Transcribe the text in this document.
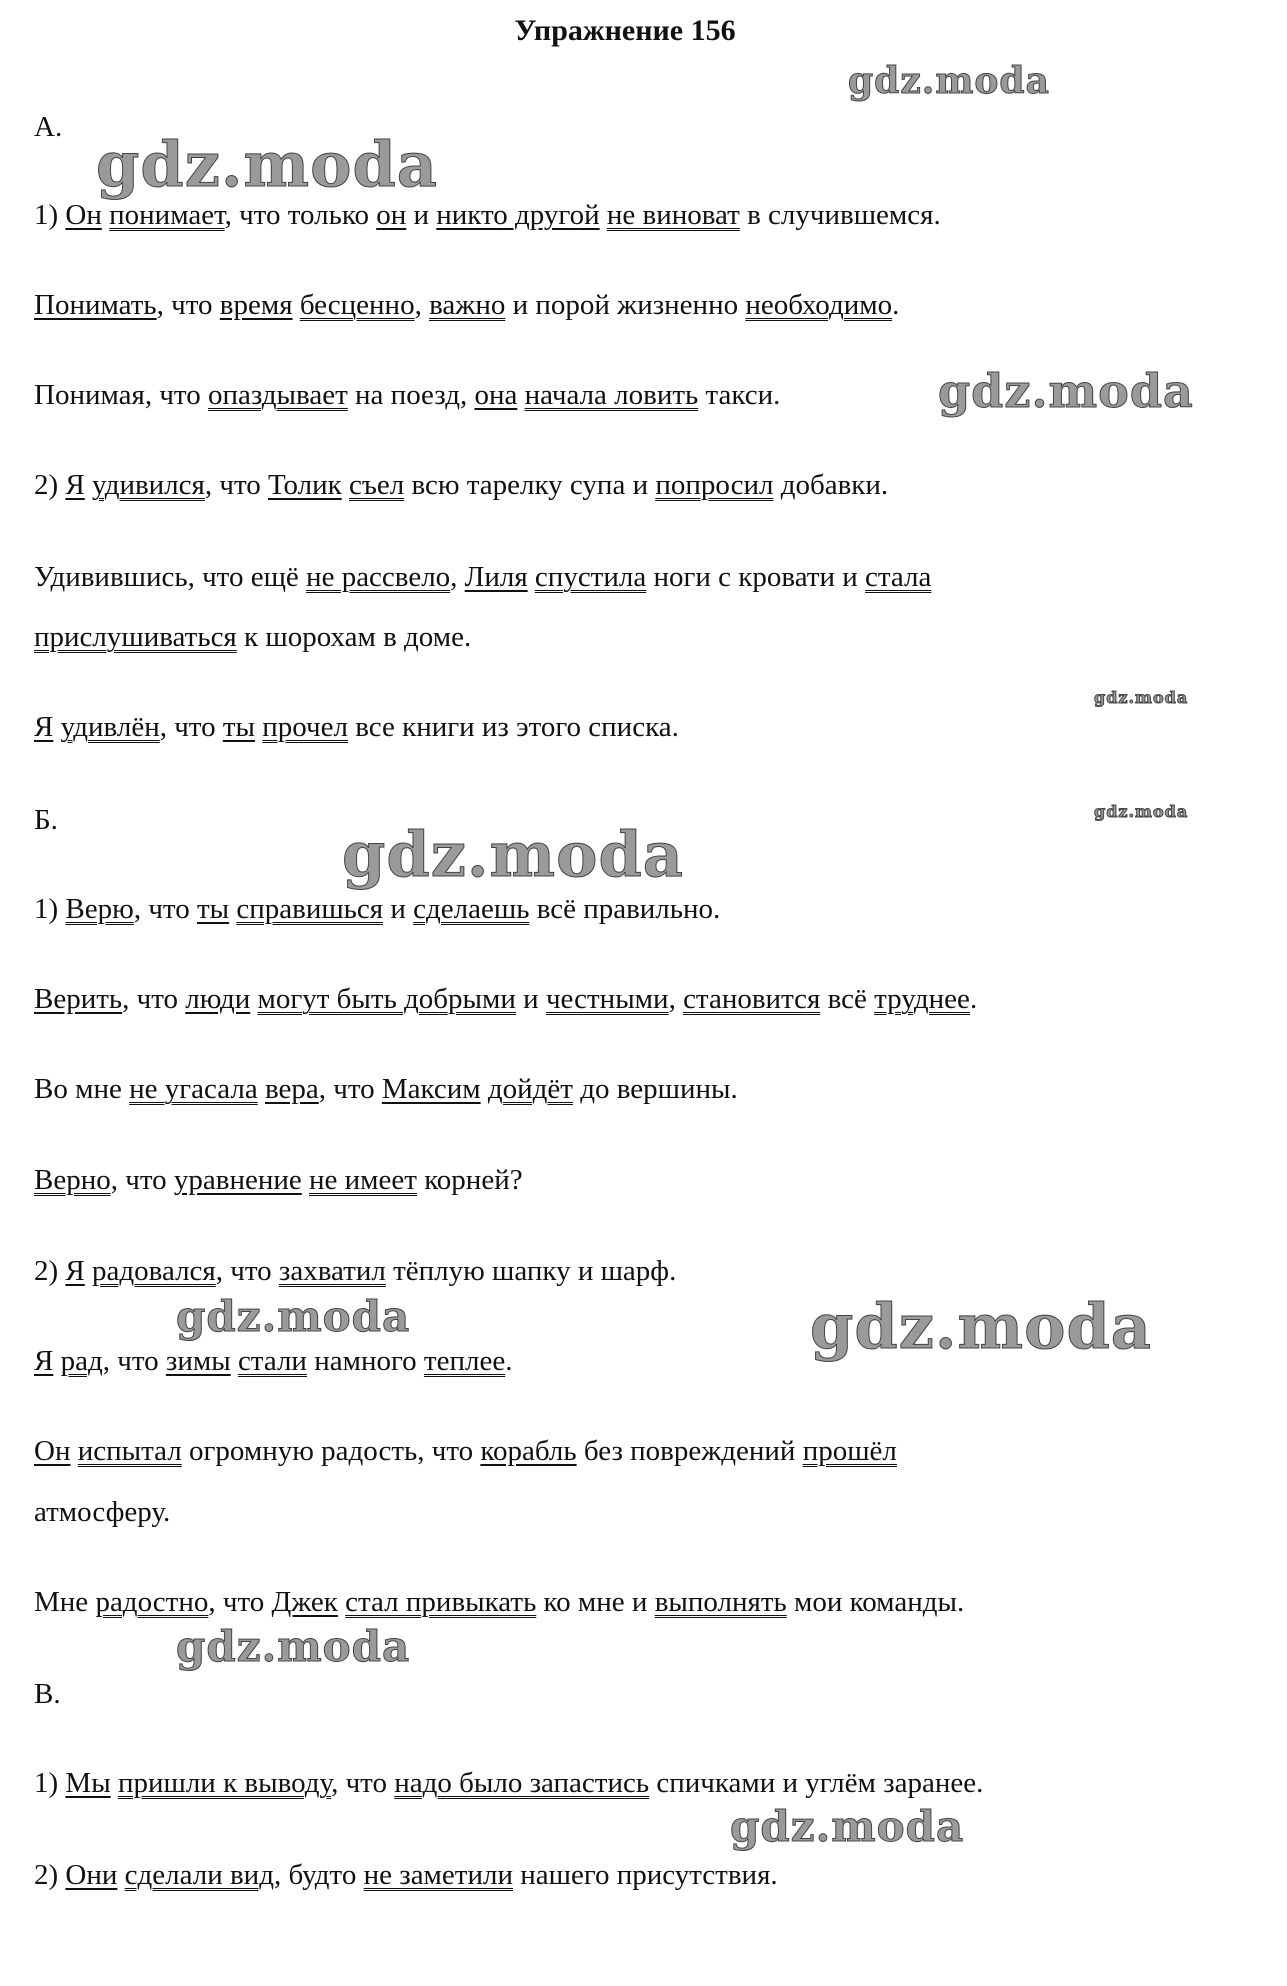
Упражнение 156
А.
1) Он понимает, что только он и никто другой не виноват в случившемся.
Понимать, что время бесценно, важно и порой жизненно необходимо.
Понимая, что опаздывает на поезд, она начала ловить такси.
2) Я удивился, что Толик съел всю тарелку супа и попросил добавки.
Удивившись, что ещё не рассвело, Лиля спустила ноги с кровати и стала
прислушиваться к шорохам в доме.
Я удивлён, что ты прочел все книги из этого списка.
Б.
1) Верю, что ты справишься и сделаешь всё правильно.
Верить, что люди могут быть добрыми и честными, становится всё труднее.
Во мне не угасала вера, что Максим дойдёт до вершины.
Верно, что уравнение не имеет корней?
2) Я радовался, что захватил тёплую шапку и шарф.
Я рад, что зимы стали намного теплее.
Он испытал огромную радость, что корабль без повреждений прошёл
атмосферу.
Мне радостно, что Джек стал привыкать ко мне и выполнять мои команды.
В.
1) Мы пришли к выводу, что надо было запастись спичками и углём заранее.
2) Они сделали вид, будто не заметили нашего присутствия.
gdz.moda
gdz.moda
gdz.moda
gdz.moda
gdz.moda
gdz.moda
gdz.moda	gdz.moda
gdz.moda
gdz.moda
